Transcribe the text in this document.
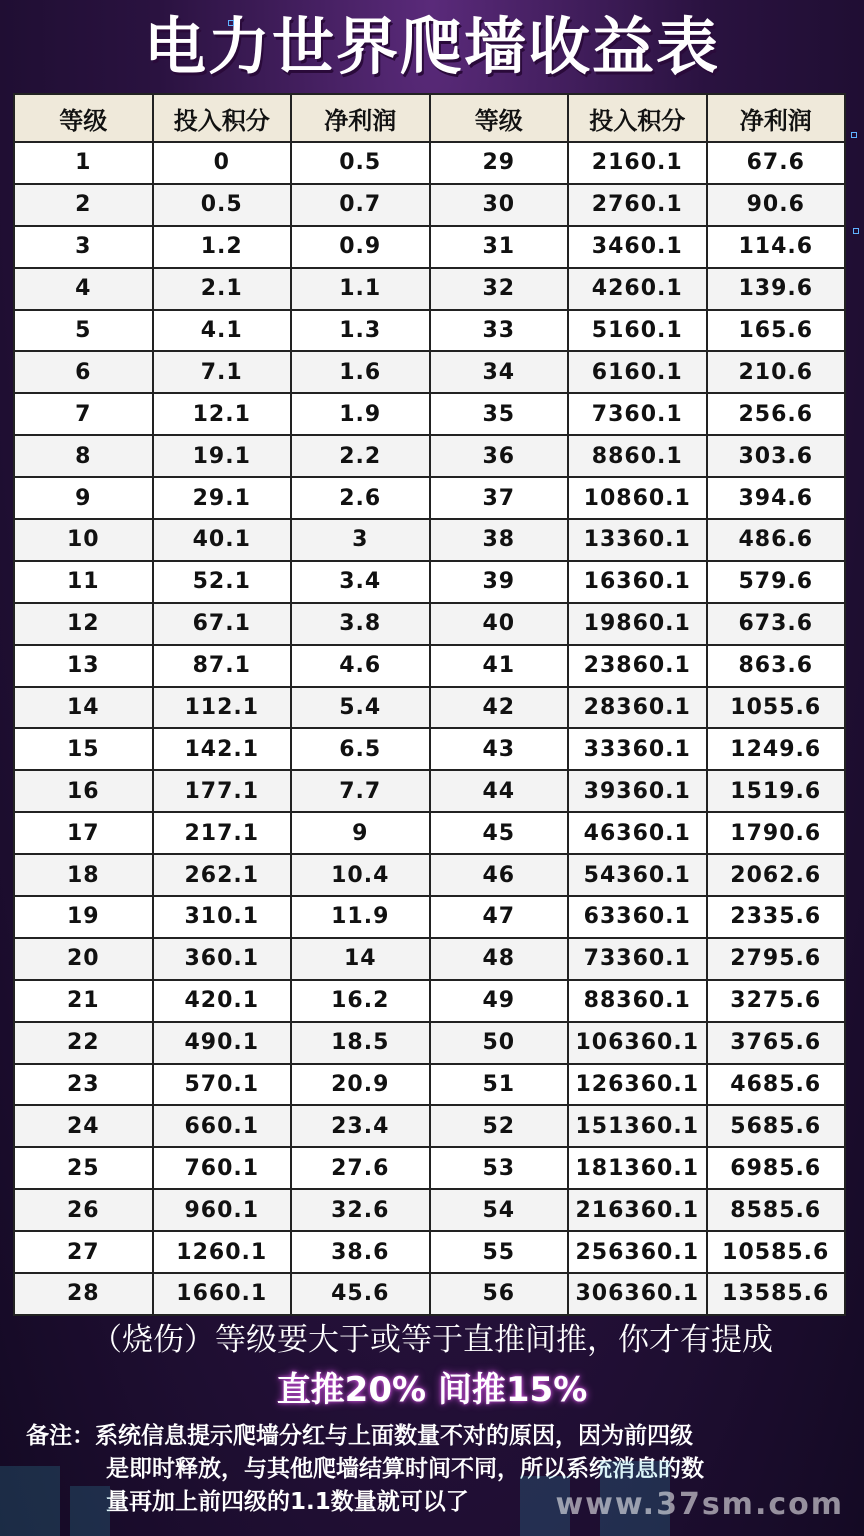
电力世界爬墙收益表
等级	投入积分	净利润	等级	投入积分	净利润
1	0	0.5	29	2160.1	67.6
2	0.5	0.7	30	2760.1	90.6
3	1.2	0.9	31	3460.1	114.6
4	2.1	1.1	32	4260.1	139.6
5	4.1	1.3	33	5160.1	165.6
6	7.1	1.6	34	6160.1	210.6
7	12.1	1.9	35	7360.1	256.6
8	19.1	2.2	36	8860.1	303.6
9	29.1	2.6	37	10860.1	394.6
10	40.1	3	38	13360.1	486.6
11	52.1	3.4	39	16360.1	579.6
12	67.1	3.8	40	19860.1	673.6
13	87.1	4.6	41	23860.1	863.6
14	112.1	5.4	42	28360.1	1055.6
15	142.1	6.5	43	33360.1	1249.6
16	177.1	7.7	44	39360.1	1519.6
17	217.1	9	45	46360.1	1790.6
18	262.1	10.4	46	54360.1	2062.6
19	310.1	11.9	47	63360.1	2335.6
20	360.1	14	48	73360.1	2795.6
21	420.1	16.2	49	88360.1	3275.6
22	490.1	18.5	50	106360.1	3765.6
23	570.1	20.9	51	126360.1	4685.6
24	660.1	23.4	52	151360.1	5685.6
25	760.1	27.6	53	181360.1	6985.6
26	960.1	32.6	54	216360.1	8585.6
27	1260.1	38.6	55	256360.1	10585.6
28	1660.1	45.6	56	306360.1	13585.6
（烧伤）等级要大于或等于直推间推，你才有提成
直推20% 间推15%
备注：系统信息提示爬墙分红与上面数量不对的原因，因为前四级
是即时释放，与其他爬墙结算时间不同，所以系统消息的数
量再加上前四级的1.1数量就可以了	www.37sm.com
